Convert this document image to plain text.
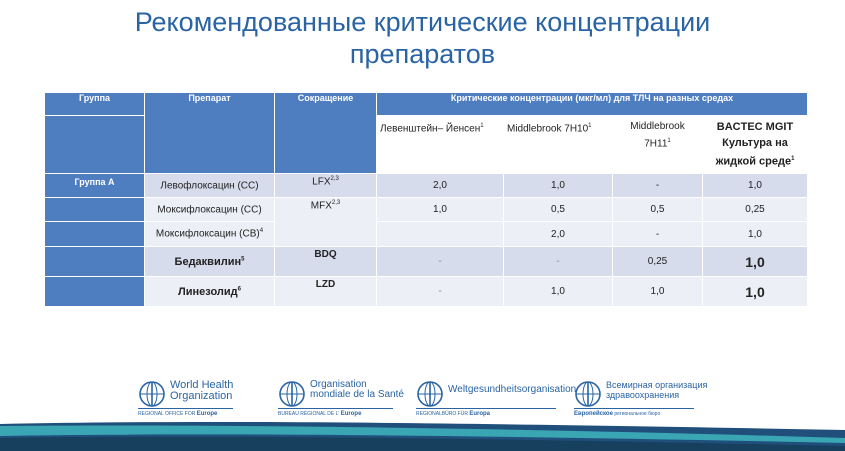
Рекомендованные критические концентрации
препаратов
Группа	Препарат	Сокращение	Критические концентрации (мкг/мл) для ТЛЧ на разных средах			
			Левенштейн– Йенсен$^1$	Middlebrook $7H10^1$	Middlebrook $7H11^1$	BACTEC MGIT Культура на жидкой среде$^1$
Группа А	Левофлоксацин (СС)	LFX$^{2,3}$	2,0	1,0	-	1,0
	Моксифлоксацин (СС)	MFX$^{2,3}$	1,0	0,5	0,5	0,25
	Моксифлоксацин (CB)$^4$			2,0	-	1,0
	Бедаквилин$^5$	BDQ	-	-	0,25	1,0
	Линезолид$^6$	LZD	-	1,0	1,0	1,0
World Health
Organization
REGIONAL OFFICE FOR Europe
Organisation
mondiale de la Santé
BUREAU RÉGIONAL DE L' Europe
Weltgesundheitsorganisation
REGIONALBÜRO FÜR Europa
Всемирная организация
здравоохранения
Европейское региональное бюро
